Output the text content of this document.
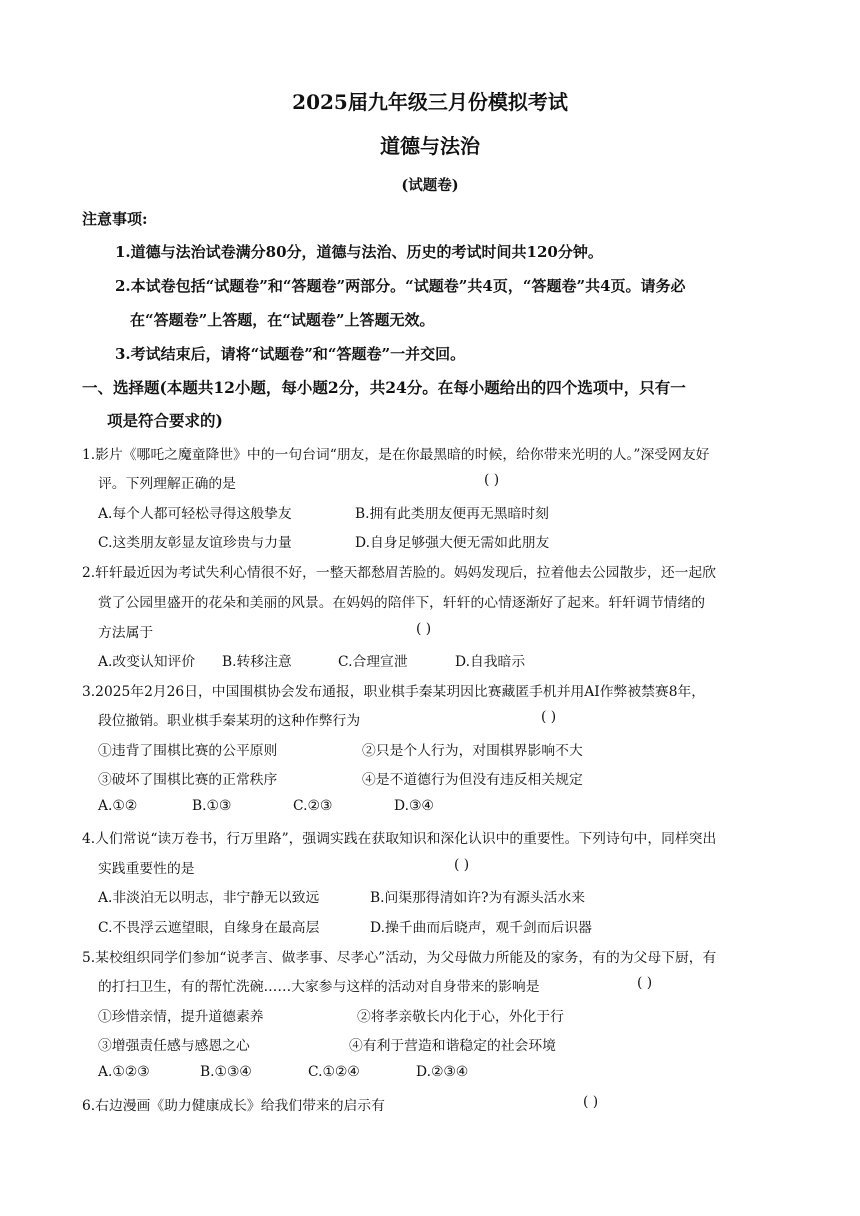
2025届九年级三月份模拟考试
道德与法治
(试题卷)
注意事项:
1.道德与法治试卷满分80分，道德与法治、历史的考试时间共120分钟。
2.本试卷包括“试题卷”和“答题卷”两部分。“试题卷”共4页，“答题卷”共4页。请务必
在“答题卷”上答题，在“试题卷”上答题无效。
3.考试结束后，请将“试题卷”和“答题卷”一并交回。
一、选择题(本题共12小题，每小题2分，共24分。在每小题给出的四个选项中，只有一
项是符合要求的)
1.影片《哪吒之魔童降世》中的一句台词“朋友，是在你最黑暗的时候，给你带来光明的人。”深受网友好
评。下列理解正确的是	( )
A.每个人都可轻松寻得这般挚友	B.拥有此类朋友便再无黑暗时刻
C.这类朋友彰显友谊珍贵与力量	D.自身足够强大便无需如此朋友
2.轩轩最近因为考试失利心情很不好，一整天都愁眉苦脸的。妈妈发现后，拉着他去公园散步，还一起欣
赏了公园里盛开的花朵和美丽的风景。在妈妈的陪伴下，轩轩的心情逐渐好了起来。轩轩调节情绪的
方法属于	( )
A.改变认知评价 B.转移注意	C.合理宣泄	D.自我暗示
3.2025年2月26日，中国围棋协会发布通报，职业棋手秦某玥因比赛藏匿手机并用AI作弊被禁赛8年，
段位撤销。职业棋手秦某玥的这种作弊行为	( )
①违背了围棋比赛的公平原则	②只是个人行为，对围棋界影响不大
③破坏了围棋比赛的正常秩序	④是不道德行为但没有违反相关规定
A.①②	B.①③	C.②③	D.③④
4.人们常说“读万卷书，行万里路”，强调实践在获取知识和深化认识中的重要性。下列诗句中，同样突出
实践重要性的是	( )
A.非淡泊无以明志，非宁静无以致远	B.问渠那得清如许?为有源头活水来
C.不畏浮云遮望眼，自缘身在最高层	D.操千曲而后晓声，观千剑而后识器
5.某校组织同学们参加“说孝言、做孝事、尽孝心”活动，为父母做力所能及的家务，有的为父母下厨，有
的打扫卫生，有的帮忙洗碗……大家参与这样的活动对自身带来的影响是	( )
①珍惜亲情，提升道德素养	②将孝亲敬长内化于心，外化于行
③增强责任感与感恩之心	④有利于营造和谐稳定的社会环境
A.①②③	B.①③④	C.①②④	D.②③④
6.右边漫画《助力健康成长》给我们带来的启示有	( )
